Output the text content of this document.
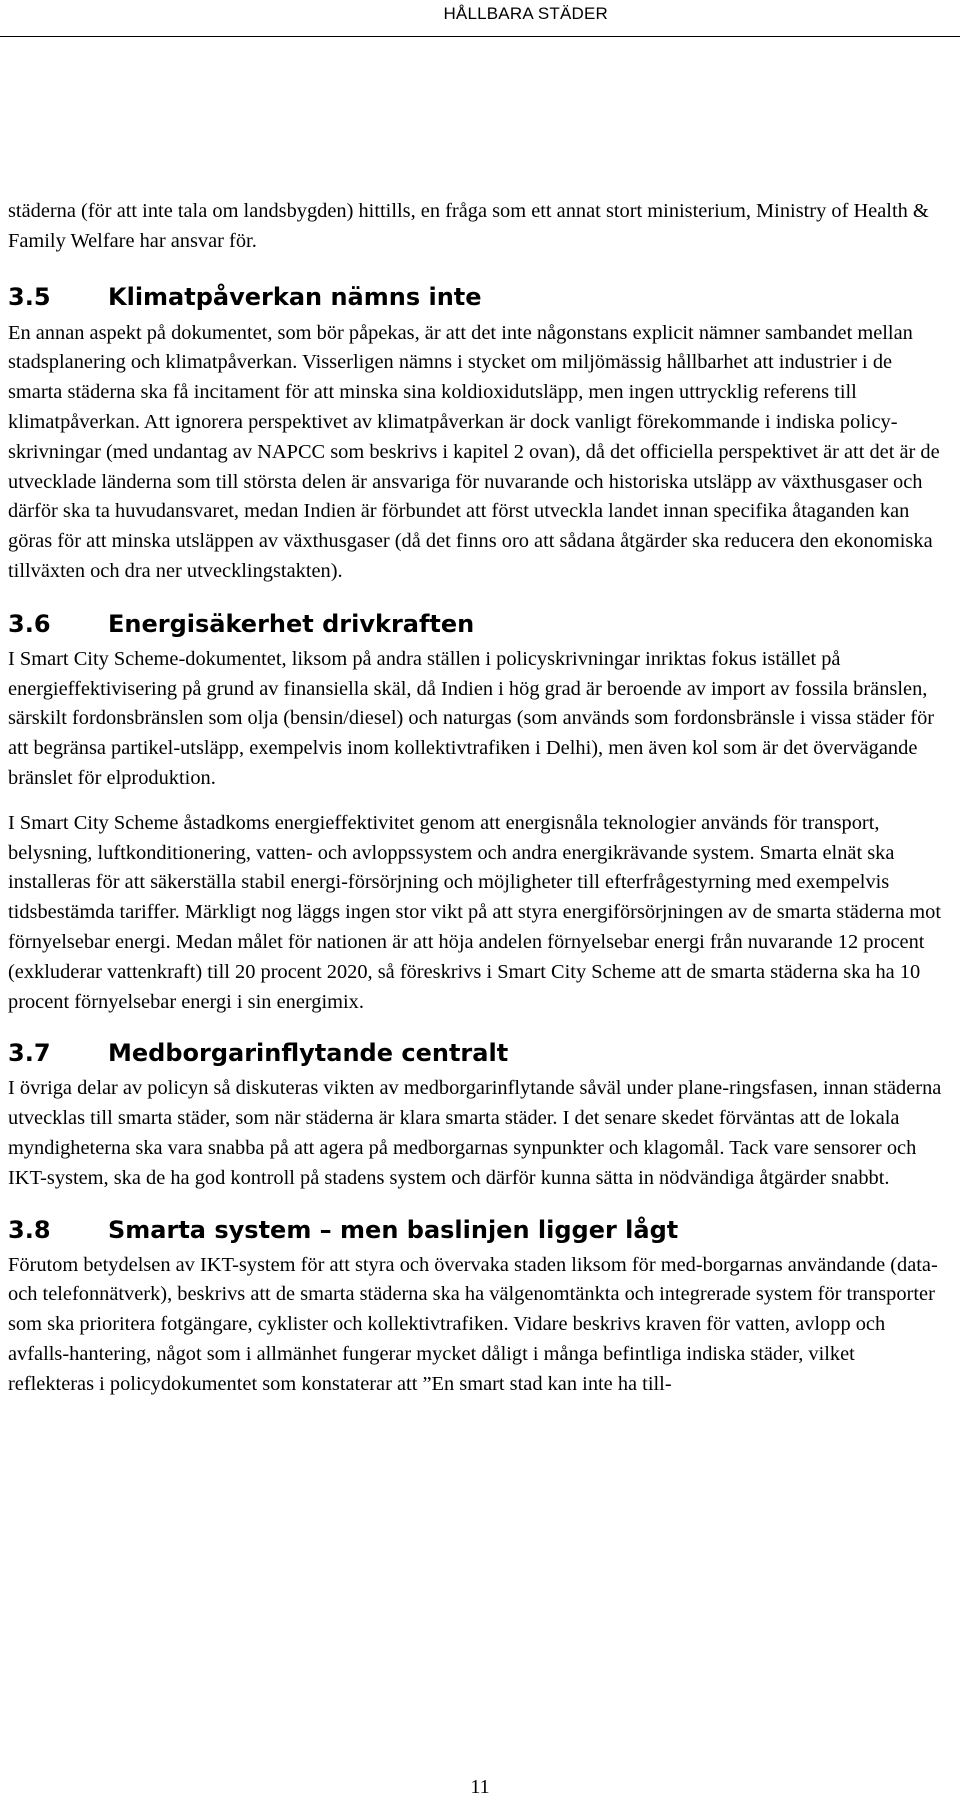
HÅLLBARA STÄDER

städerna (för att inte tala om landsbygden) hittills, en fråga som ett annat stort ministerium, Ministry of Health & Family Welfare har ansvar för.

3.5 Klimatpåverkan nämns inte

En annan aspekt på dokumentet, som bör påpekas, är att det inte någonstans explicit nämner sambandet mellan stadsplanering och klimatpåverkan. Visserligen nämns i stycket om miljömässig hållbarhet att industrier i de smarta städerna ska få incitament för att minska sina koldioxidutsläpp, men ingen uttrycklig referens till klimatpåverkan. Att ignorera perspektivet av klimatpåverkan är dock vanligt förekommande i indiska policy-skrivningar (med undantag av NAPCC som beskrivs i kapitel 2 ovan), då det officiella perspektivet är att det är de utvecklade länderna som till största delen är ansvariga för nuvarande och historiska utsläpp av växthusgaser och därför ska ta huvudansvaret, medan Indien är förbundet att först utveckla landet innan specifika åtaganden kan göras för att minska utsläppen av växthusgaser (då det finns oro att sådana åtgärder ska reducera den ekonomiska tillväxten och dra ner utvecklingstakten).

3.6 Energisäkerhet drivkraften

I Smart City Scheme-dokumentet, liksom på andra ställen i policyskrivningar inriktas fokus istället på energieffektivisering på grund av finansiella skäl, då Indien i hög grad är beroende av import av fossila bränslen, särskilt fordonsbränslen som olja (bensin/diesel) och naturgas (som används som fordonsbränsle i vissa städer för att begränsa partikel-utsläpp, exempelvis inom kollektivtrafiken i Delhi), men även kol som är det övervägande bränslet för elproduktion.

I Smart City Scheme åstadkoms energieffektivitet genom att energisnåla teknologier används för transport, belysning, luftkonditionering, vatten- och avloppssystem och andra energikrävande system. Smarta elnät ska installeras för att säkerställa stabil energi-försörjning och möjligheter till efterfrågestyrning med exempelvis tidsbestämda tariffer. Märkligt nog läggs ingen stor vikt på att styra energiförsörjningen av de smarta städerna mot förnyelsebar energi. Medan målet för nationen är att höja andelen förnyelsebar energi från nuvarande 12 procent (exkluderar vattenkraft) till 20 procent 2020, så föreskrivs i Smart City Scheme att de smarta städerna ska ha 10 procent förnyelsebar energi i sin energimix.

3.7 Medborgarinflytande centralt

I övriga delar av policyn så diskuteras vikten av medborgarinflytande såväl under plane-ringsfasen, innan städerna utvecklas till smarta städer, som när städerna är klara smarta städer. I det senare skedet förväntas att de lokala myndigheterna ska vara snabba på att agera på medborgarnas synpunkter och klagomål. Tack vare sensorer och IKT-system, ska de ha god kontroll på stadens system och därför kunna sätta in nödvändiga åtgärder snabbt.

3.8 Smarta system – men baslinjen ligger lågt

Förutom betydelsen av IKT-system för att styra och övervaka staden liksom för med-borgarnas användande (data- och telefonnätverk), beskrivs att de smarta städerna ska ha välgenomtänkta och integrerade system för transporter som ska prioritera fotgängare, cyklister och kollektivtrafiken. Vidare beskrivs kraven för vatten, avlopp och avfalls-hantering, något som i allmänhet fungerar mycket dåligt i många befintliga indiska städer, vilket reflekteras i policydokumentet som konstaterar att ”En smart stad kan inte ha till-

11
